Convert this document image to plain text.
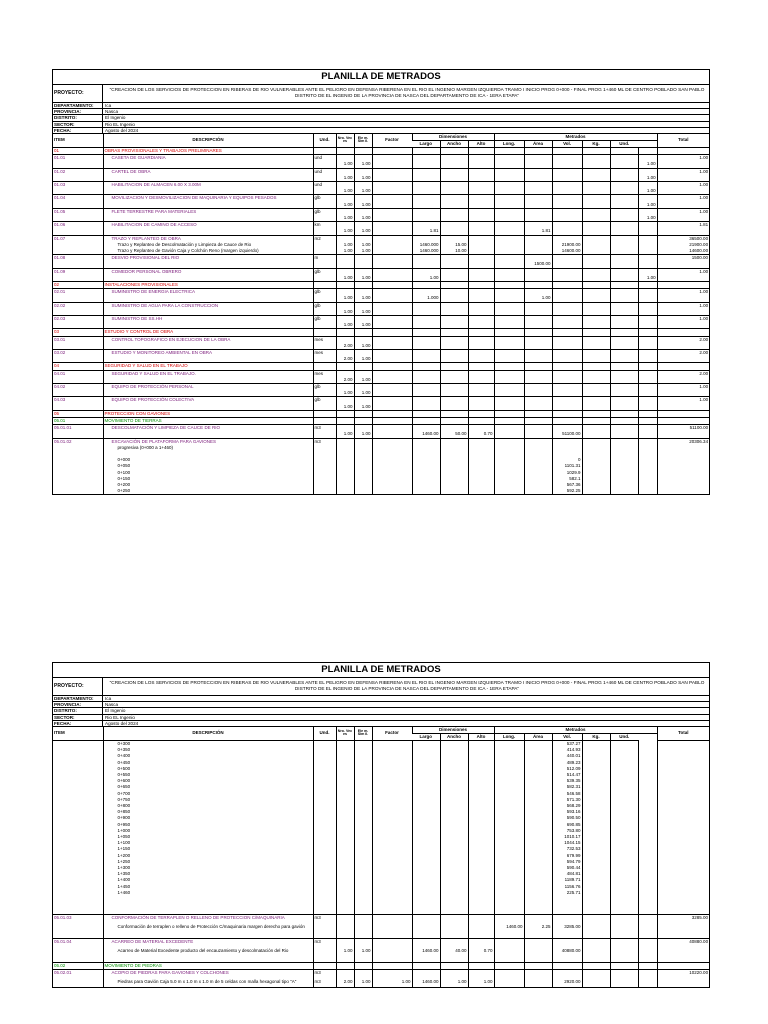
PLANILLA DE METRADOS
PROYECTO:
"CREACION DE LOS SERVICIOS DE PROTECCION EN RIBERAS DE RIO VULNERABLES ANTE EL PELIGRO EN DEFENSA RIBERENA EN EL RIO EL INGENIO MARGEN IZQUIERDA TRAMO I INICIO PROG 0+000 - FINAL PROG 1+460 ML DE CENTRO POBLADO SAN PABLO DISTRITO DE EL INGENIO DE LA PROVINCIA DE NASCA DEL DEPARTAMENTO DE ICA - 1ERA ETAPA"
DEPARTAMENTO:	Ica
PROVINCIA:	Nasca
DISTRITO:	El Ingenio
SECTOR:	Rio EL Ingenio
FECHA:	Agosto del 2024
ITEM	DESCRIPCIÓN	Und.	Nro. Vec es	Ele m. Sim il.	Factor	Dimensiones			Metrados						Total
						Largo	Ancho	Alto	Long.	Área	Vol.	Kg.	Und.	
01	OBRAS PROVISIONALES Y TRABAJOS PRELIMINARES														
01.01	CASETA DE GUARDIANIA	und													1.00
			1.00	1.00										1.00	
01.02	CARTEL DE OBRA	und													1.00
			1.00	1.00										1.00	
01.03	HABILITACION DE ALMACEN 6.00 X 3.00M	und													1.00
			1.00	1.00										1.00	
01.04	MOVILIZACION Y DESMOVILIZACION DE MAQUINARIA Y EQUIPOS PESADOS	glb													1.00
			1.00	1.00										1.00	
01.05	FLETE TERRESTRE PARA MATERIALES	glb													1.00
			1.00	1.00										1.00	
01.06	HABILITACION DE CAMINO DE ACCESO	km													1.81
			1.00	1.00		1.81				1.81					
01.07	TRAZO Y REPLANTEO DE OBRA	m2													36500.00
	Trazo y Replanteo de Descolmatación y Limpieza de Cauce de Rio		1.00	1.00		1460.000	15.00				21900.00				21900.00
	Trazo y Replanteo de Gavión Caja y Colchón Reno (margen izquierdo)		1.00	1.00		1460.000	10.00				14600.00				14600.00
01.08	DESVIO PROVISIONAL DEL RIO	m													1500.00
										1500.00					
01.09	COMEDOR PERSONAL OBRERO	glb													1.00
			1.00	1.00		1.00								1.00	
02	INSTALACIONES PROVISIONALES														
02.01	SUMINISTRO DE ENERGIA ELECTRICA	glb													1.00
			1.00	1.00		1.000				1.00					
02.02	SUMINISTRO DE AGUA PARA LA CONSTRUCCION	glb													1.00
			1.00	1.00											
02.03	SUMINISTRO DE SS.HH	glb													1.00
			1.00	1.00											
03	ESTUDIO Y CONTROL DE OBRA														
03.01	CONTROL TOPOGRAFICO EN EJECUCION DE LA OBRA	mes													2.00
			2.00	1.00											
03.02	ESTUDIO Y MONITOREO AMBIENTAL EN OBRA	mes													2.00
			2.00	1.00											
04	SEGURIDAD Y SALUD EN EL TRABAJO														
04.01	SEGURIDAD Y SALUD EN EL TRABAJO.	mes													2.00
			2.00	1.00											
04.02	EQUIPO DE PROTECCIÓN PERSONAL	glb													1.00
			1.00	1.00											
04.03	EQUIPO DE PROTECCIÓN COLECTIVA	glb													1.00
			1.00	1.00											
05	PROTECCION CON GAVIONES														
05.01	MOVIMIENTO DE TIERRAS														
05.01.01	DESCOLMATACIÓN Y LIMPIEZA DE CAUCE DE RIO	m3													51100.00
			1.00	1.00		1460.00	50.00	0.70			51100.00				
05.01.02	EXCAVACIÓN DE PLATAFORMA PARA GAVIONES	m3													20306.34
	progresiva (0+000 a 1+460)														

	0+000										0				
	0+050										1101.31				
	0+100										1029.9				
	0+150										582.1				
	0+200										567.36				
	0+250										592.25				
PLANILLA DE METRADOS
PROYECTO:
"CREACION DE LOS SERVICIOS DE PROTECCION EN RIBERAS DE RIO VULNERABLES ANTE EL PELIGRO EN DEFENSA RIBERENA EN EL RIO EL INGENIO MARGEN IZQUIERDA TRAMO I INICIO PROG 0+000 - FINAL PROG 1+460 ML DE CENTRO POBLADO SAN PABLO DISTRITO DE EL INGENIO DE LA PROVINCIA DE NASCA DEL DEPARTAMENTO DE ICA - 1ERA ETAPA"
DEPARTAMENTO:	Ica
PROVINCIA:	Nasca
DISTRITO:	El Ingenio
SECTOR:	Rio EL Ingenio
FECHA:	Agosto del 2024
ITEM	DESCRIPCIÓN	Und.	Nro. Vec es	Ele m. Sim il.	Factor	Dimensiones			Metrados						Total
						Largo	Ancho	Alto	Long.	Área	Vol.	Kg.	Und.		
	0+300										537.27				
	0+350										414.93				
	0+400										440.01				
	0+450										489.23				
	0+500										512.09				
	0+550										514.47				
	0+600										539.35				
	0+650										582.31				
	0+700										546.58				
	0+750										571.30				
	0+800										568.29				
	0+850										593.16				
	0+900										590.50				
	0+950										690.85				
	1+000										753.80				
	1+050										1010.17				
	1+100										1044.15				
	1+150										732.53				
	1+200										679.99				
	1+250										594.79				
	1+300										590.44				
	1+350										484.81				
	1+400										1189.71				
	1+450										1156.76				
	1+460										225.71				

05.01.03	CONFORMACIÓN DE TERRAPLEN O RELLENO DE PROTECCION C/MAQUINARIA	m3													3285.00
	Conformación de terraplen o relleno de Protección C/maquinaria margen derecho para gavión								1460.00	2.25	3285.00				

05.01.04	ACARREO DE MATERIAL EXCEDENTE	m3													40880.00
	Acarreo de Material Excedente producto del encauzamiento y descolmatación del Rio		1.00	1.00		1460.00	40.00	0.70			40880.00				

05.02	MOVIMIENTO DE PIEDRAS														
05.02.01	ACOPIO DE PIEDRAS PARA GAVIONES Y COLCHONES	m3													10220.00
	Piedras para Gavión Caja 5.0 m x 1.0 m x 1.0 m de 5 celdas con malla hexagonal tipo "A"	m3	2.00	1.00	1.00	1460.00	1.00	1.00			2920.00				
